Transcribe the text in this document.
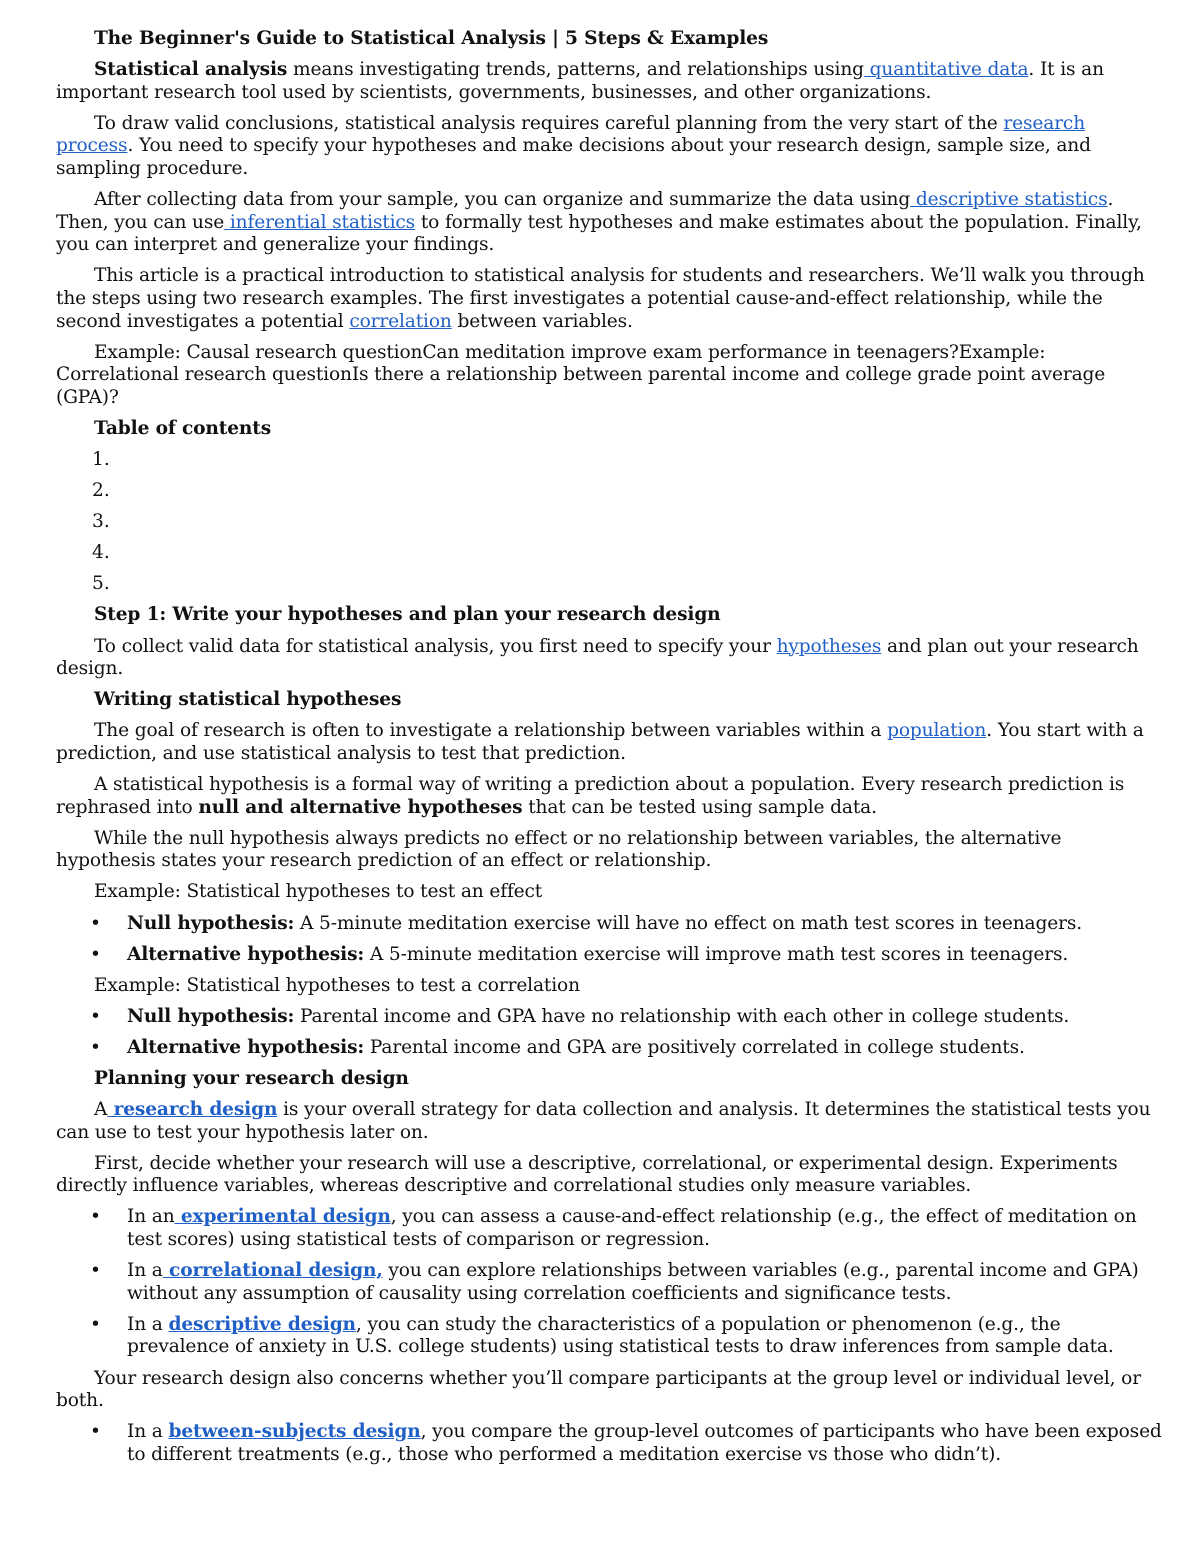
The Beginner's Guide to Statistical Analysis | 5 Steps & Examples

Statistical analysis means investigating trends, patterns, and relationships using quantitative data. It is an important research tool used by scientists, governments, businesses, and other organizations.

To draw valid conclusions, statistical analysis requires careful planning from the very start of the research process. You need to specify your hypotheses and make decisions about your research design, sample size, and sampling procedure.

After collecting data from your sample, you can organize and summarize the data using descriptive statistics. Then, you can use inferential statistics to formally test hypotheses and make estimates about the population. Finally, you can interpret and generalize your findings.

This article is a practical introduction to statistical analysis for students and researchers. We’ll walk you through the steps using two research examples. The first investigates a potential cause-and-effect relationship, while the second investigates a potential correlation between variables.

Example: Causal research questionCan meditation improve exam performance in teenagers?Example: Correlational research questionIs there a relationship between parental income and college grade point average (GPA)?

Table of contents

1.
2.
3.
4.
5.

Step 1: Write your hypotheses and plan your research design

To collect valid data for statistical analysis, you first need to specify your hypotheses and plan out your research design.

Writing statistical hypotheses

The goal of research is often to investigate a relationship between variables within a population. You start with a prediction, and use statistical analysis to test that prediction.

A statistical hypothesis is a formal way of writing a prediction about a population. Every research prediction is rephrased into null and alternative hypotheses that can be tested using sample data.

While the null hypothesis always predicts no effect or no relationship between variables, the alternative hypothesis states your research prediction of an effect or relationship.

Example: Statistical hypotheses to test an effect

• Null hypothesis: A 5-minute meditation exercise will have no effect on math test scores in teenagers.
• Alternative hypothesis: A 5-minute meditation exercise will improve math test scores in teenagers.

Example: Statistical hypotheses to test a correlation

• Null hypothesis: Parental income and GPA have no relationship with each other in college students.
• Alternative hypothesis: Parental income and GPA are positively correlated in college students.

Planning your research design

A research design is your overall strategy for data collection and analysis. It determines the statistical tests you can use to test your hypothesis later on.

First, decide whether your research will use a descriptive, correlational, or experimental design. Experiments directly influence variables, whereas descriptive and correlational studies only measure variables.

• In an experimental design, you can assess a cause-and-effect relationship (e.g., the effect of meditation on test scores) using statistical tests of comparison or regression.
• In a correlational design, you can explore relationships between variables (e.g., parental income and GPA) without any assumption of causality using correlation coefficients and significance tests.
• In a descriptive design, you can study the characteristics of a population or phenomenon (e.g., the prevalence of anxiety in U.S. college students) using statistical tests to draw inferences from sample data.

Your research design also concerns whether you’ll compare participants at the group level or individual level, or both.

• In a between-subjects design, you compare the group-level outcomes of participants who have been exposed to different treatments (e.g., those who performed a meditation exercise vs those who didn’t).
